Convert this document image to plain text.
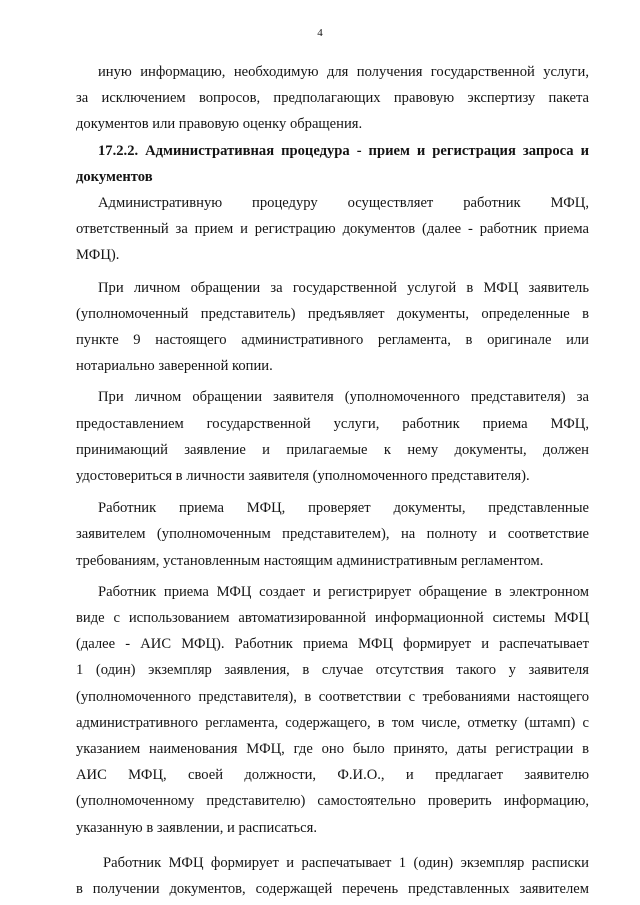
4
иную информацию, необходимую для получения государственной услуги,
за исключением вопросов, предполагающих правовую экспертизу пакета
документов или правовую оценку обращения.
17.2.2. Административная процедура - прием и регистрация запроса и
документов
Административную процедуру осуществляет работник МФЦ,
ответственный за прием и регистрацию документов (далее - работник приема
МФЦ).
При личном обращении за государственной услугой в МФЦ заявитель
(уполномоченный представитель) предъявляет документы, определенные в
пункте 9 настоящего административного регламента, в оригинале или
нотариально заверенной копии.
При личном обращении заявителя (уполномоченного представителя) за
предоставлением государственной услуги, работник приема МФЦ,
принимающий заявление и прилагаемые к нему документы, должен
удостовериться в личности заявителя (уполномоченного представителя).
Работник приема МФЦ, проверяет документы, представленные
заявителем (уполномоченным представителем), на полноту и соответствие
требованиям, установленным настоящим административным регламентом.
Работник приема МФЦ создает и регистрирует обращение в электронном
виде с использованием автоматизированной информационной системы МФЦ
(далее - АИС МФЦ). Работник приема МФЦ формирует и распечатывает
1 (один) экземпляр заявления, в случае отсутствия такого у заявителя
(уполномоченного представителя), в соответствии с требованиями настоящего
административного регламента, содержащего, в том числе, отметку (штамп) с
указанием наименования МФЦ, где оно было принято, даты регистрации в
АИС МФЦ, своей должности, Ф.И.О., и предлагает заявителю
(уполномоченному представителю) самостоятельно проверить информацию,
указанную в заявлении, и расписаться.
Работник МФЦ формирует и распечатывает 1 (один) экземпляр расписки
в получении документов, содержащей перечень представленных заявителем
